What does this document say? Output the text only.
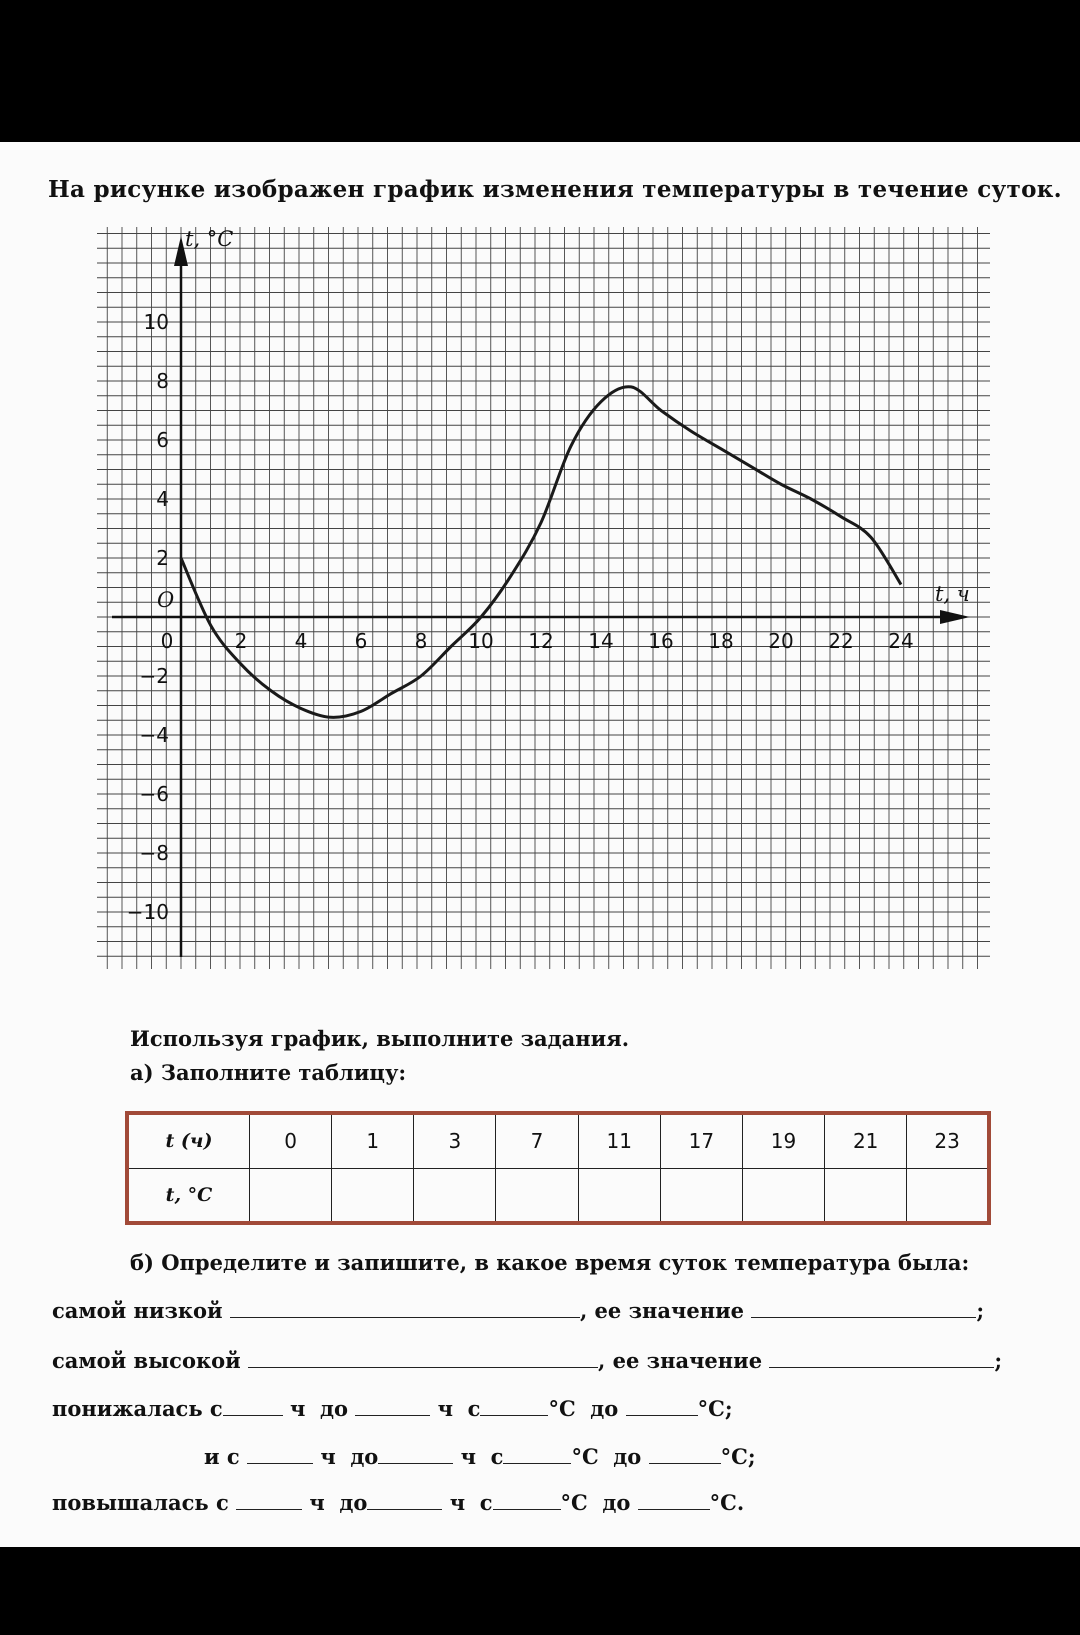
На рисунке изображен график изменения температуры в течение суток.
0	2 4 6 8 10 12 14 16 18 20 22 24
10
8
6
4
2
−2
−4
−6
−8
−10
t, °C
t, ч
O
Используя график, выполните задания.
а) Заполните таблицу:
t (ч)	0	1	3	7	11	17	19	21	23
t, °C									
б) Определите и запишите, в какое время суток температура была:
самой низкой	, ее значение	;
самой высокой	, ее значение	;
понижалась с	ч до	ч с	°С до	°С;
и с	ч до	ч с	°С до	°С;
повышалась с	ч до	ч с	°С до	°С.
